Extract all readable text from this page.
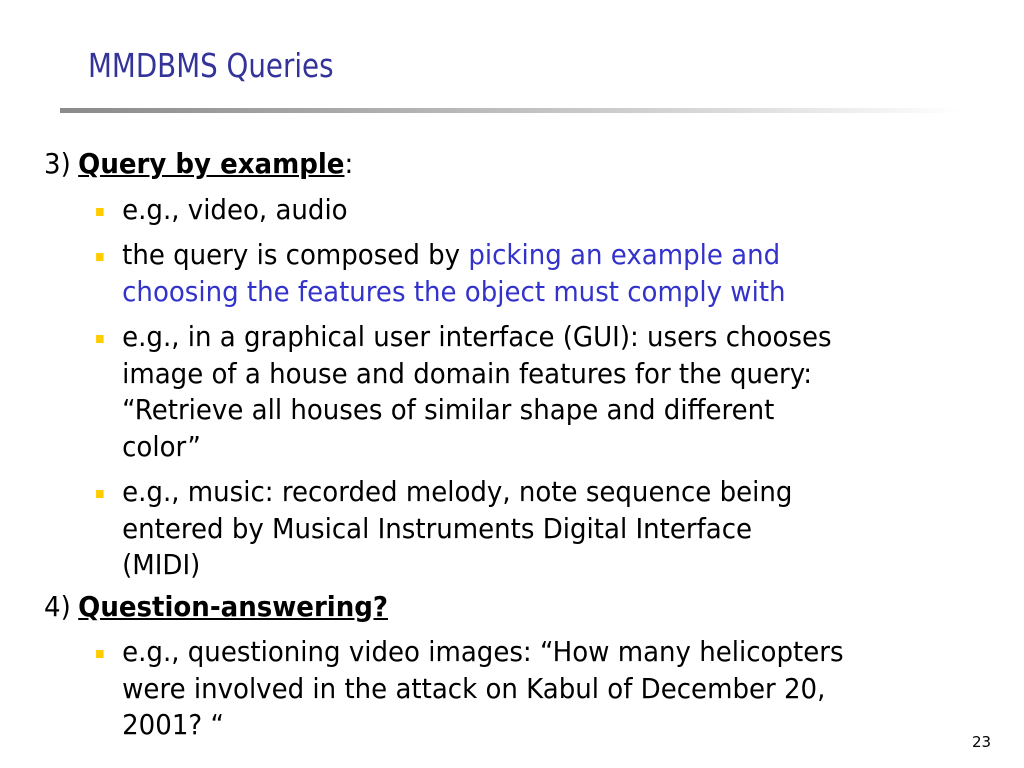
MMDBMS Queries
3) Query by example:
e.g., video, audio
the query is composed by picking an example and
choosing the features the object must comply with
e.g., in a graphical user interface (GUI): users chooses
image of a house and domain features for the query:
“Retrieve all houses of similar shape and different
color”
e.g., music: recorded melody, note sequence being
entered by Musical Instruments Digital Interface
(MIDI)
4) Question-answering?
e.g., questioning video images: “How many helicopters
were involved in the attack on Kabul of December 20,
2001? “
23
